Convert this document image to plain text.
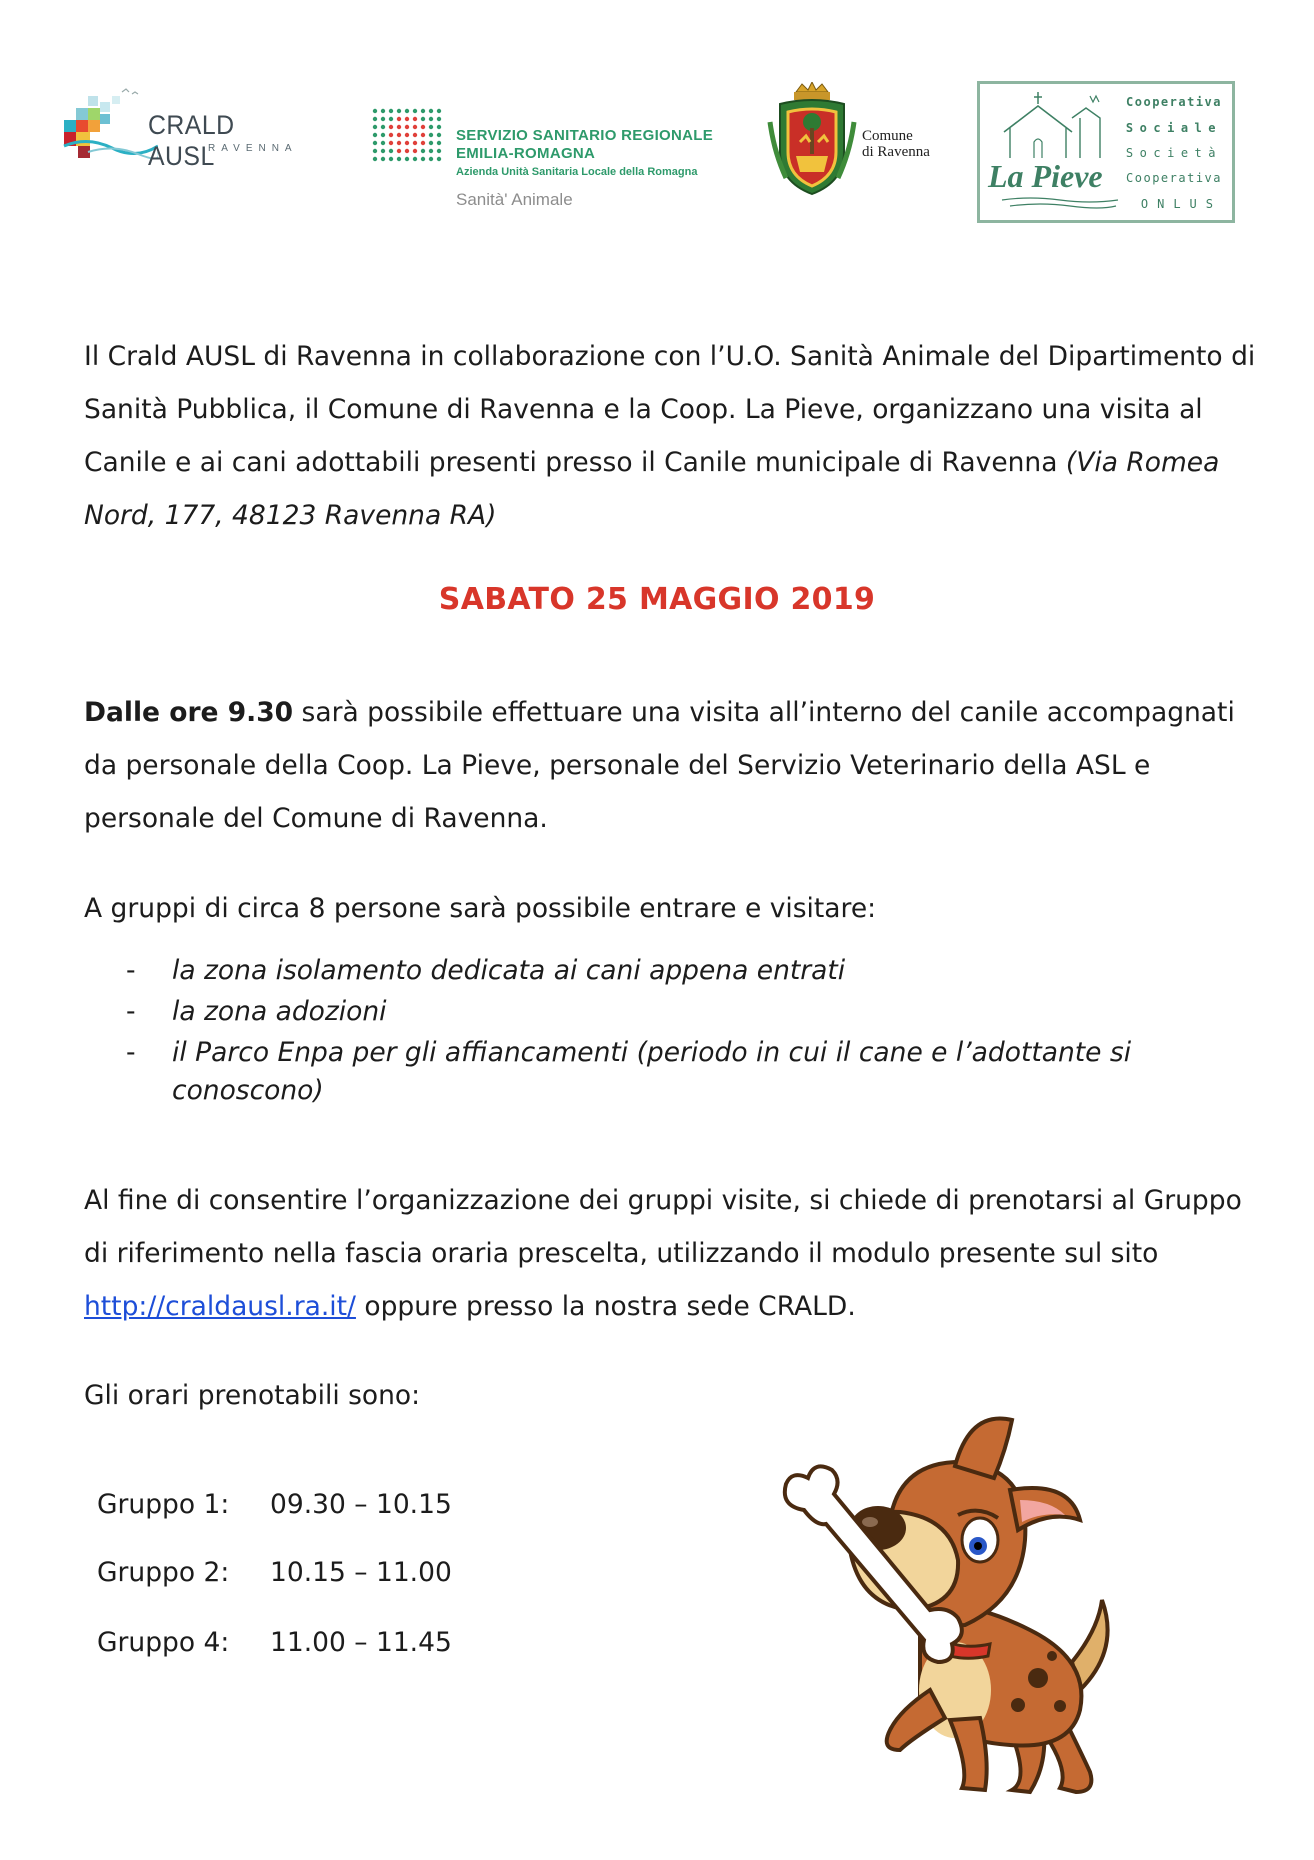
CRALD AUSL
RAVENNA
SERVIZIO SANITARIO REGIONALE
EMILIA-ROMAGNA
Azienda Unità Sanitaria Locale della Romagna
Sanità' Animale
Comune
di Ravenna
La Pieve
Cooperativa
Sociale
Società
Cooperativa
ONLUS
Il Crald AUSL di Ravenna in collaborazione con l’U.O. Sanità Animale del Dipartimento di Sanità Pubblica, il Comune di Ravenna e la Coop. La Pieve, organizzano una visita al Canile e ai cani adottabili presenti presso il Canile municipale di Ravenna (Via Romea Nord, 177, 48123 Ravenna RA)
SABATO 25 MAGGIO 2019
Dalle ore 9.30 sarà possibile effettuare una visita all’interno del canile accompagnati da personale della Coop. La Pieve, personale del Servizio Veterinario della ASL e personale del Comune di Ravenna.
A gruppi di circa 8 persone sarà possibile entrare e visitare:
- la zona isolamento dedicata ai cani appena entrati
- la zona adozioni
- il Parco Enpa per gli affiancamenti (periodo in cui il cane e l’adottante si conoscono)
Al fine di consentire l’organizzazione dei gruppi visite, si chiede di prenotarsi al Gruppo di riferimento nella fascia oraria prescelta, utilizzando il modulo presente sul sito http://craldausl.ra.it/ oppure presso la nostra sede CRALD.
Gli orari prenotabili sono:
Gruppo 1: 09.30 – 10.15
Gruppo 2: 10.15 – 11.00
Gruppo 4: 11.00 – 11.45
